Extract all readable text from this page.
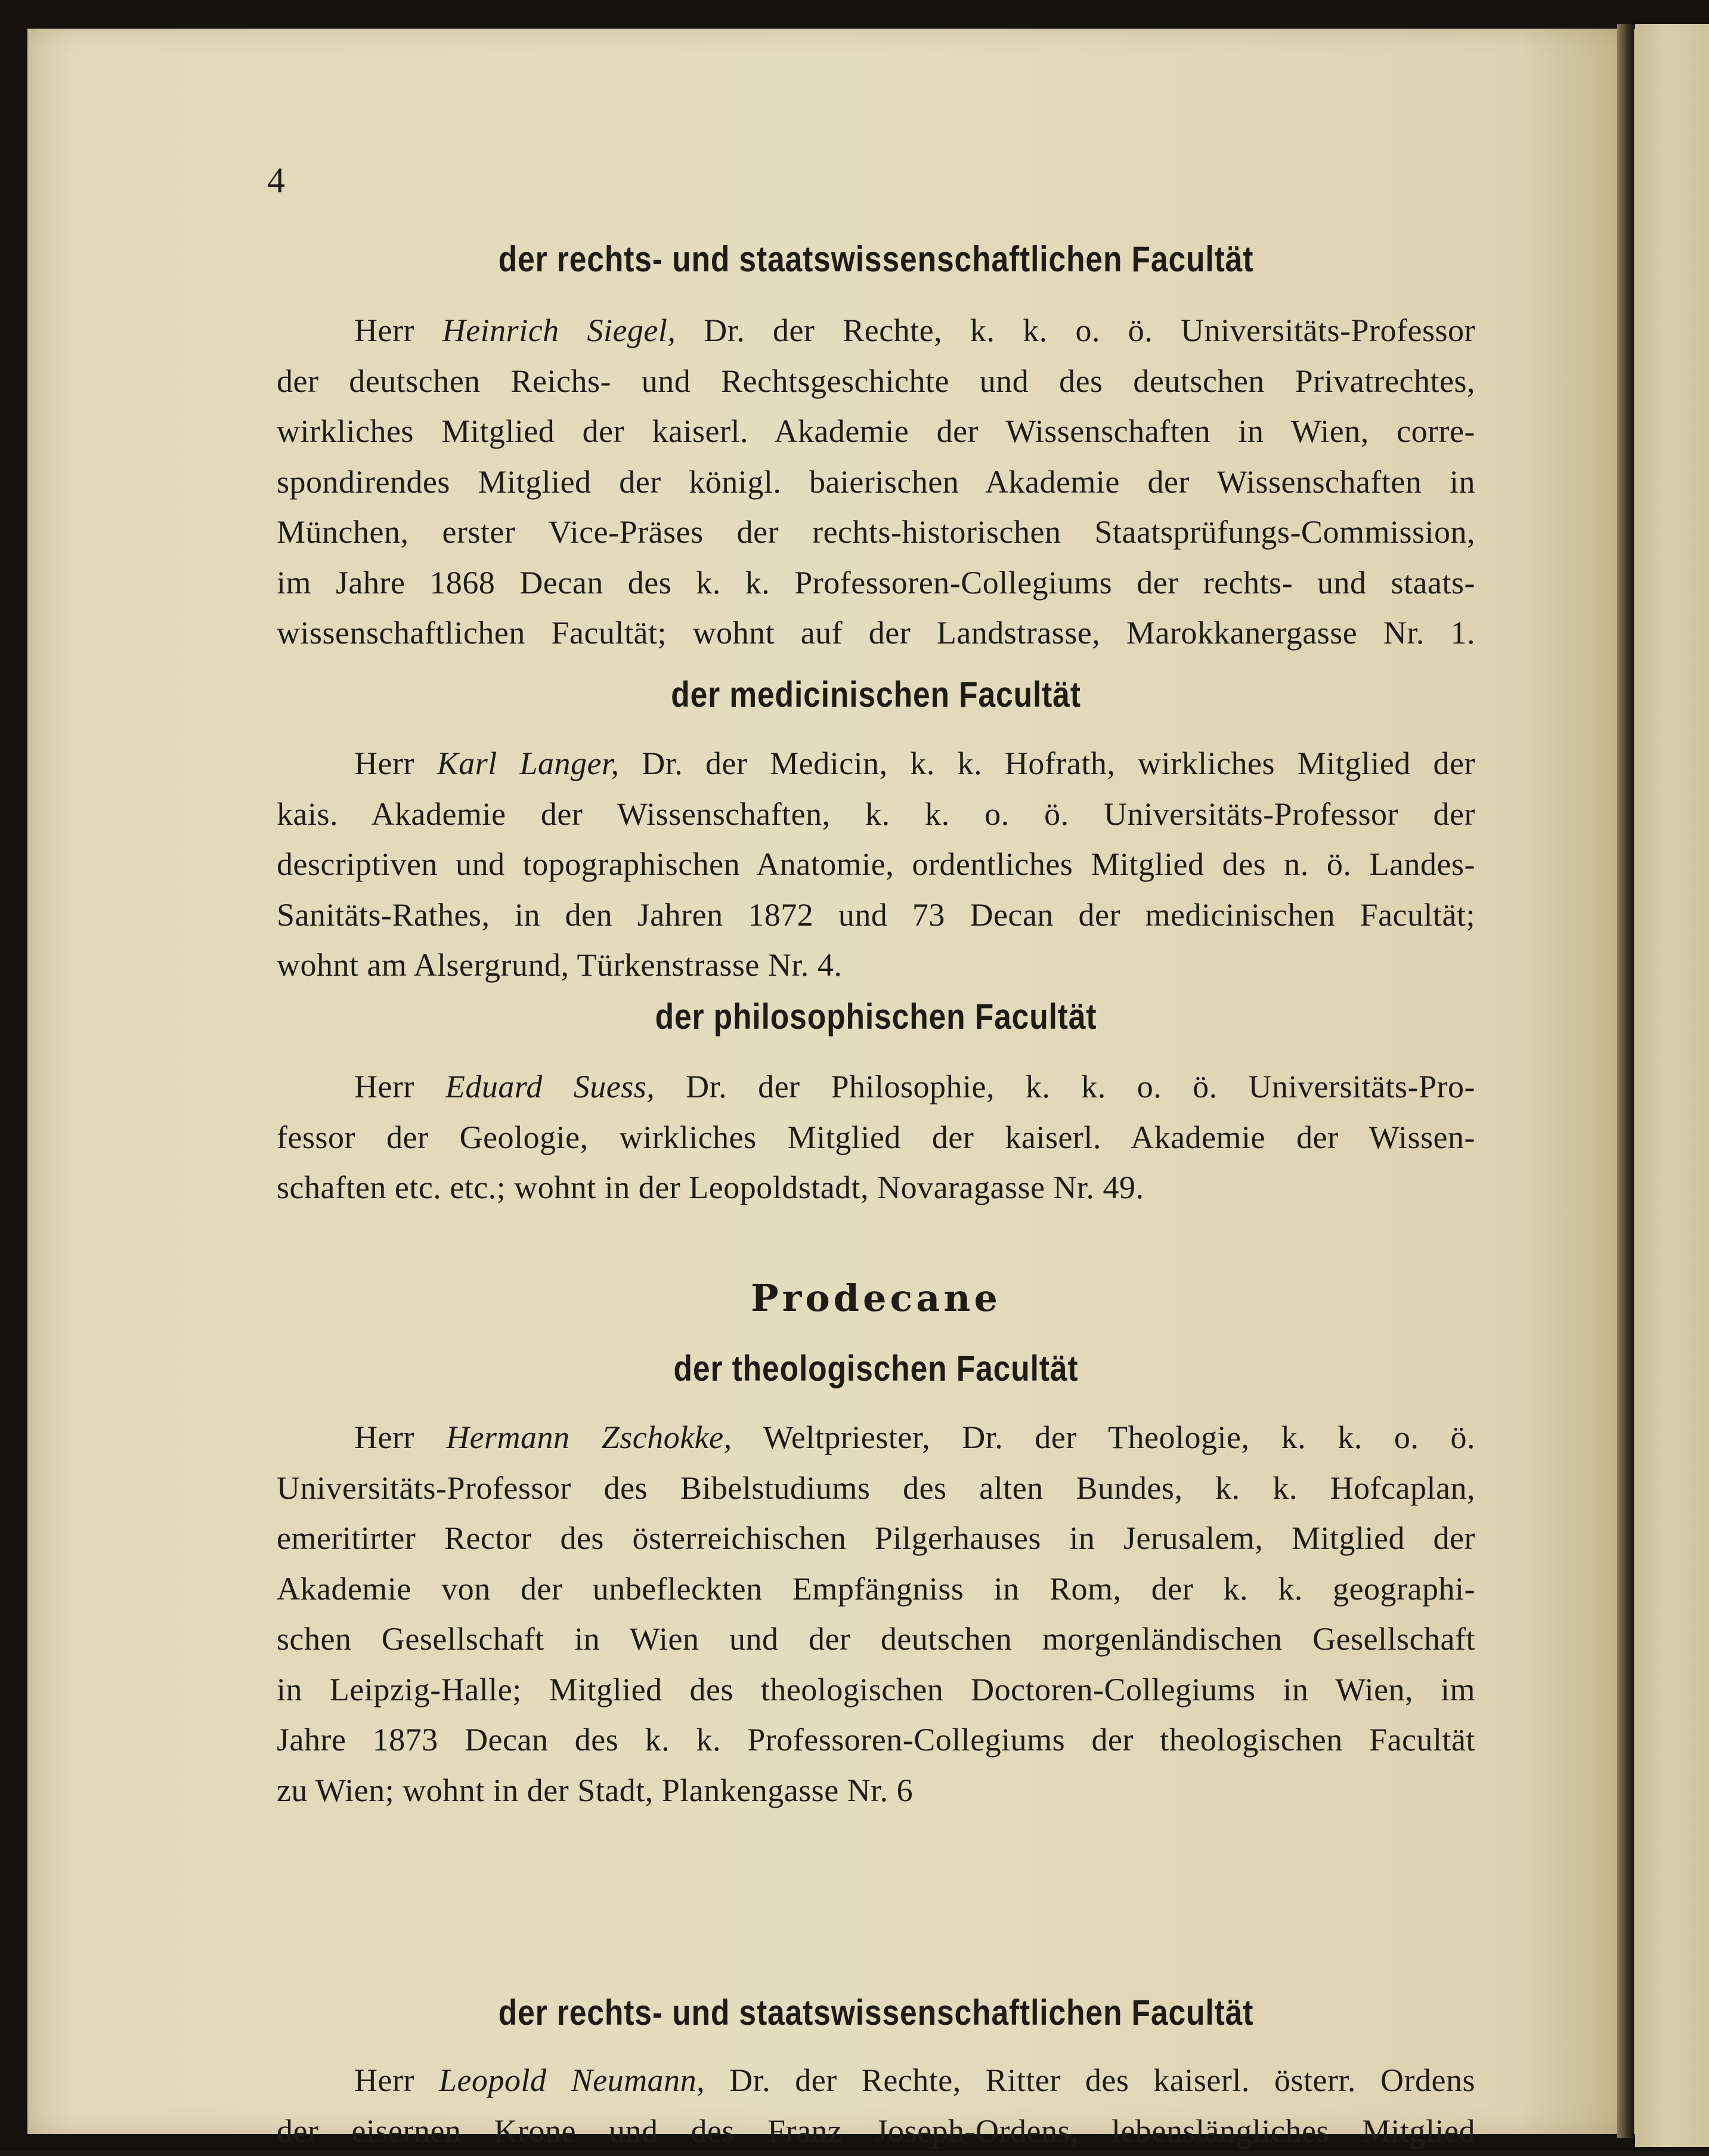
4
der rechts- und staatswissenschaftlichen Facultät
Herr Heinrich Siegel, Dr. der Rechte, k. k. o. ö. Universitäts-Professor
der deutschen Reichs- und Rechtsgeschichte und des deutschen Privatrechtes,
wirkliches Mitglied der kaiserl. Akademie der Wissenschaften in Wien, corre-
spondirendes Mitglied der königl. baierischen Akademie der Wissenschaften in
München, erster Vice-Präses der rechts-historischen Staatsprüfungs-Commission,
im Jahre 1868 Decan des k. k. Professoren-Collegiums der rechts- und staats-
wissenschaftlichen Facultät; wohnt auf der Landstrasse, Marokkanergasse Nr. 1.
der medicinischen Facultät
Herr Karl Langer, Dr. der Medicin, k. k. Hofrath, wirkliches Mitglied der
kais. Akademie der Wissenschaften, k. k. o. ö. Universitäts-Professor der
descriptiven und topographischen Anatomie, ordentliches Mitglied des n. ö. Landes-
Sanitäts-Rathes, in den Jahren 1872 und 73 Decan der medicinischen Facultät;
wohnt am Alsergrund, Türkenstrasse Nr. 4.
der philosophischen Facultät
Herr Eduard Suess, Dr. der Philosophie, k. k. o. ö. Universitäts-Pro-
fessor der Geologie, wirkliches Mitglied der kaiserl. Akademie der Wissen-
schaften etc. etc.; wohnt in der Leopoldstadt, Novaragasse Nr. 49.
Prodecane
der theologischen Facultät
Herr Hermann Zschokke, Weltpriester, Dr. der Theologie, k. k. o. ö.
Universitäts-Professor des Bibelstudiums des alten Bundes, k. k. Hofcaplan,
emeritirter Rector des österreichischen Pilgerhauses in Jerusalem, Mitglied der
Akademie von der unbefleckten Empfängniss in Rom, der k. k. geographi-
schen Gesellschaft in Wien und der deutschen morgenländischen Gesellschaft
in Leipzig-Halle; Mitglied des theologischen Doctoren-Collegiums in Wien, im
Jahre 1873 Decan des k. k. Professoren-Collegiums der theologischen Facultät
zu Wien; wohnt in der Stadt, Plankengasse Nr. 6
der rechts- und staatswissenschaftlichen Facultät
Herr Leopold Neumann, Dr. der Rechte, Ritter des kaiserl. österr. Ordens
der eisernen Krone und des Franz Joseph-Ordens, lebenslängliches Mitglied
